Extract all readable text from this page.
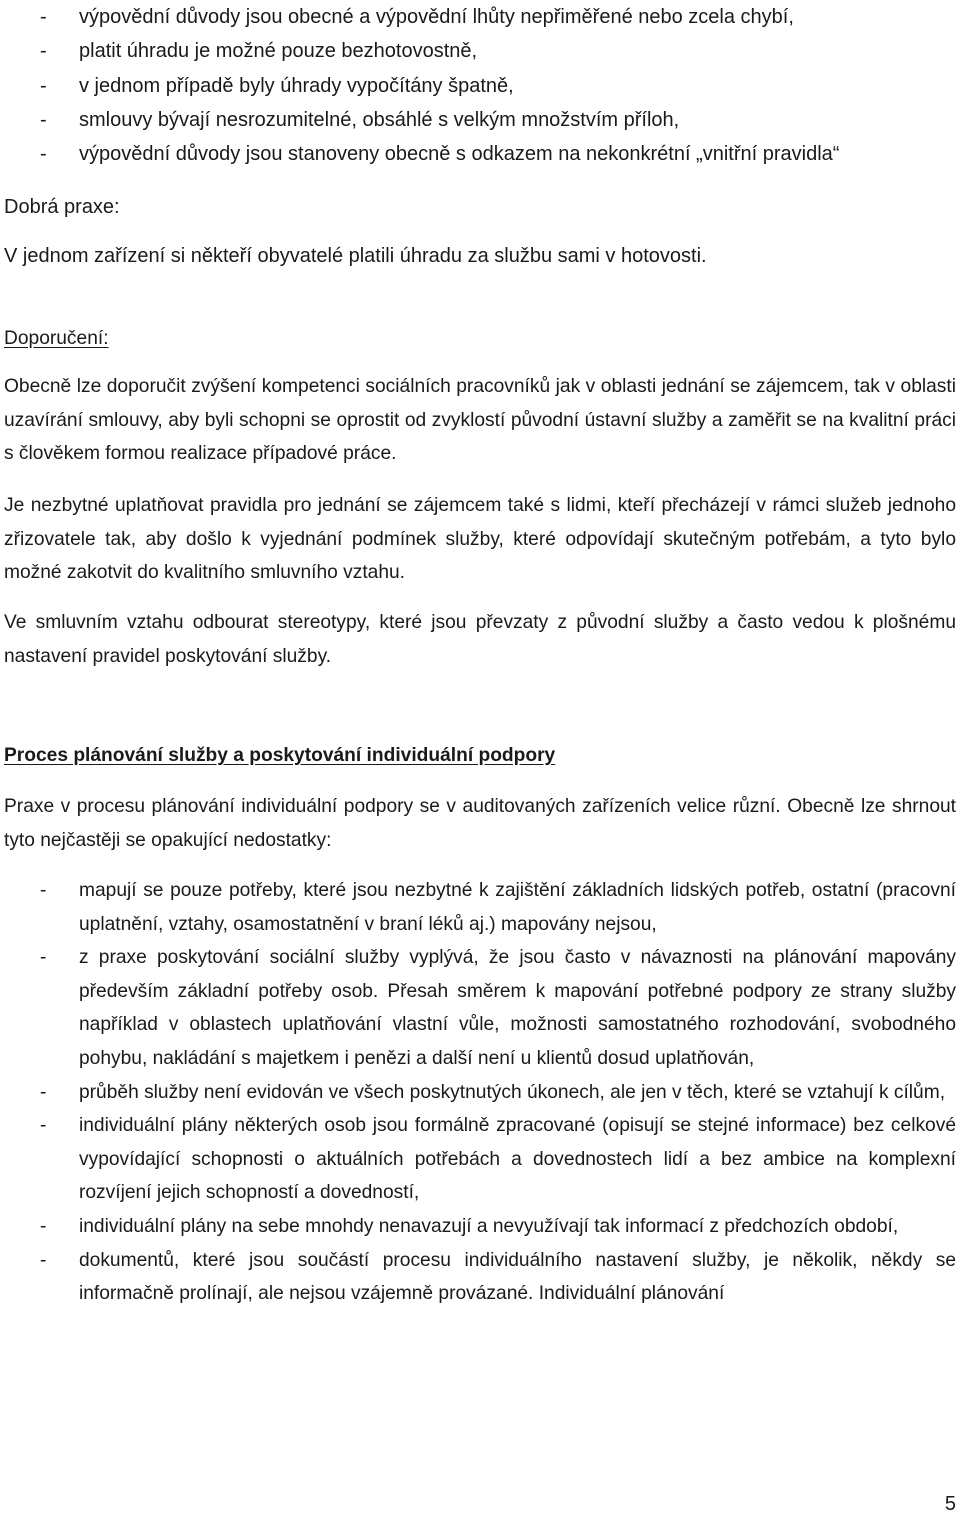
- výpovědní důvody jsou obecné a výpovědní lhůty nepřiměřené nebo zcela chybí,
- platit úhradu je možné pouze bezhotovostně,
- v jednom případě byly úhrady vypočítány špatně,
- smlouvy bývají nesrozumitelné, obsáhlé s velkým množstvím příloh,
- výpovědní důvody jsou stanoveny obecně s odkazem na nekonkrétní „vnitřní pravidla“

Dobrá praxe:

V jednom zařízení si někteří obyvatelé platili úhradu za službu sami v hotovosti.

Doporučení:

Obecně lze doporučit zvýšení kompetenci sociálních pracovníků jak v oblasti jednání se zájemcem, tak v oblasti uzavírání smlouvy, aby byli schopni se oprostit od zvyklostí původní ústavní služby a zaměřit se na kvalitní práci s člověkem formou realizace případové práce.

Je nezbytné uplatňovat pravidla pro jednání se zájemcem také s lidmi, kteří přecházejí v rámci služeb jednoho zřizovatele tak, aby došlo k vyjednání podmínek služby, které odpovídají skutečným potřebám, a tyto bylo možné zakotvit do kvalitního smluvního vztahu.

Ve smluvním vztahu odbourat stereotypy, které jsou převzaty z původní služby a často vedou k plošnému nastavení pravidel poskytování služby.

Proces plánování služby a poskytování individuální podpory

Praxe v procesu plánování individuální podpory se v auditovaných zařízeních velice různí. Obecně lze shrnout tyto nejčastěji se opakující nedostatky:

- mapují se pouze potřeby, které jsou nezbytné k zajištění základních lidských potřeb, ostatní (pracovní uplatnění, vztahy, osamostatnění v braní léků aj.) mapovány nejsou,
- z praxe poskytování sociální služby vyplývá, že jsou často v návaznosti na plánování mapovány především základní potřeby osob. Přesah směrem k mapování potřebné podpory ze strany služby například v oblastech uplatňování vlastní vůle, možnosti samostatného rozhodování, svobodného pohybu, nakládání s majetkem i penězi a další není u klientů dosud uplatňován,
- průběh služby není evidován ve všech poskytnutých úkonech, ale jen v těch, které se vztahují k cílům,
- individuální plány některých osob jsou formálně zpracované (opisují se stejné informace) bez celkové vypovídající schopnosti o aktuálních potřebách a dovednostech lidí a bez ambice na komplexní rozvíjení jejich schopností a dovedností,
- individuální plány na sebe mnohdy nenavazují a nevyužívají tak informací z předchozích období,
- dokumentů, které jsou součástí procesu individuálního nastavení služby, je několik, někdy se informačně prolínají, ale nejsou vzájemně provázané. Individuální plánování
5
